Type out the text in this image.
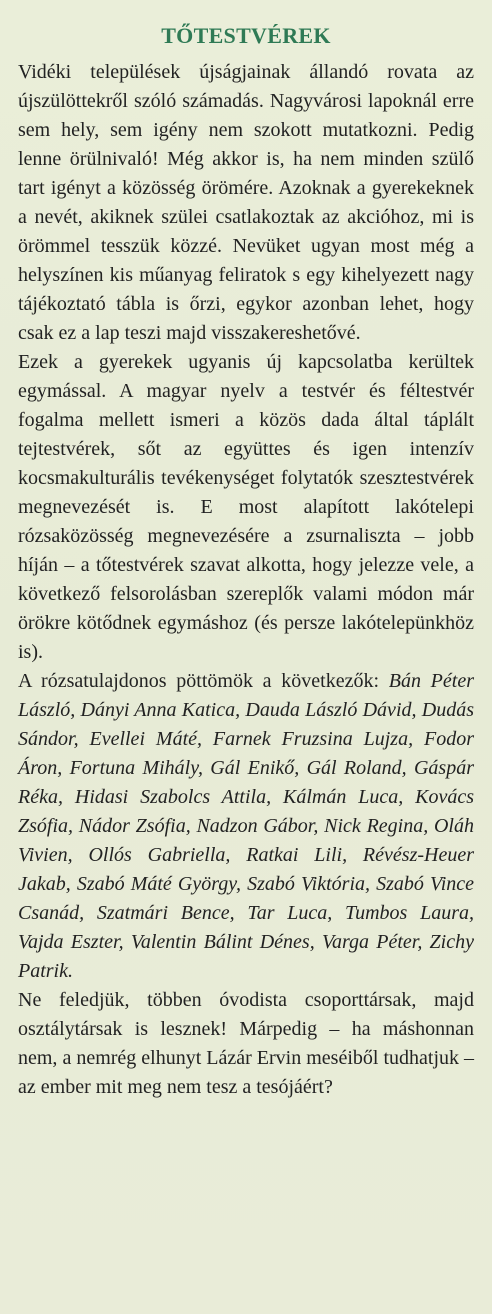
TŐTESTVÉREK

Vidéki települések újságjainak állandó rovata az újszülöttekről szóló számadás. Nagyvárosi lapoknál erre sem hely, sem igény nem szokott mutatkozni. Pedig lenne örülnivaló! Még akkor is, ha nem minden szülő tart igényt a közösség örömére. Azoknak a gyerekeknek a nevét, akiknek szülei csatlakoztak az akcióhoz, mi is örömmel tesszük közzé. Nevüket ugyan most még a helyszínen kis műanyag feliratok s egy kihelyezett nagy tájékoztató tábla is őrzi, egykor azonban lehet, hogy csak ez a lap teszi majd visszakereshetővé.

Ezek a gyerekek ugyanis új kapcsolatba kerültek egymással. A magyar nyelv a testvér és féltestvér fogalma mellett ismeri a közös dada által táplált tejtestvérek, sőt az együttes és igen intenzív kocsmakulturális tevékenységet folytatók szesztestvérek megnevezését is. E most alapított lakótelepi rózsaközösség megnevezésére a zsurnaliszta – jobb híján – a tőtestvérek szavat alkotta, hogy jelezze vele, a következő felsorolásban szereplők valami módon már örökre kötődnek egymáshoz (és persze lakótelepünkhöz is).

A rózsatulajdonos pöttömök a következők: Bán Péter László, Dányi Anna Katica, Dauda László Dávid, Dudás Sándor, Evellei Máté, Farnek Fruzsina Lujza, Fodor Áron, Fortuna Mihály, Gál Enikő, Gál Roland, Gáspár Réka, Hidasi Szabolcs Attila, Kálmán Luca, Kovács Zsófia, Nádor Zsófia, Nadzon Gábor, Nick Regina, Oláh Vivien, Ollós Gabriella, Ratkai Lili, Révész-Heuer Jakab, Szabó Máté György, Szabó Viktória, Szabó Vince Csanád, Szatmári Bence, Tar Luca, Tumbos Laura, Vajda Eszter, Valentin Bálint Dénes, Varga Péter, Zichy Patrik.

Ne feledjük, többen óvodista csoporttársak, majd osztálytársak is lesznek! Márpedig – ha máshonnan nem, a nemrég elhunyt Lázár Ervin meséiből tudhatjuk – az ember mit meg nem tesz a tesójáért?
